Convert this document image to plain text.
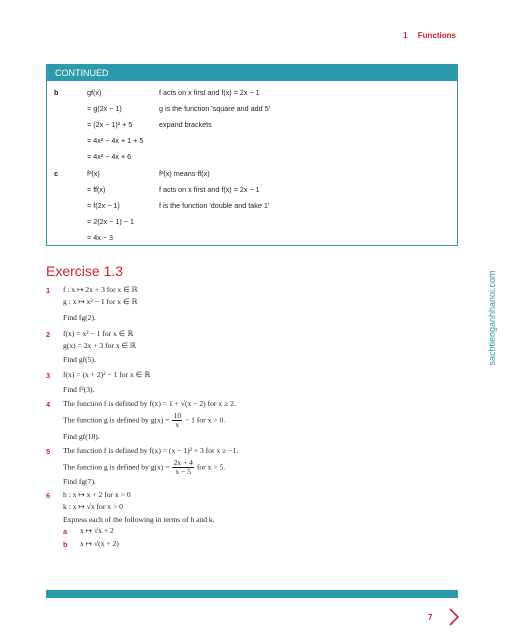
1 Functions
CONTINUED
b	gf(x)	f acts on x first and f(x) = 2x − 1
= g(2x − 1)	g is the function 'square and add 5'
= (2x − 1)² + 5	expand brackets
= 4x² − 4x + 1 + 5
= 4x² − 4x + 6
c	f²(x)	f²(x) means ff(x)
= ff(x)	f acts on x first and f(x) = 2x − 1
= f(2x − 1)	f is the function 'double and take 1'
= 2(2x − 1) − 1
= 4x − 3
Exercise 1.3
1 f : x ↦ 2x + 3 for x ∈ ℝ
g : x ↦ x² − 1 for x ∈ ℝ
Find fg(2).
2 f(x) = x² − 1 for x ∈ ℝ
g(x) = 2x + 3 for x ∈ ℝ
Find gf(5).
3 f(x) = (x + 2)² − 1 for x ∈ ℝ
Find f²(3).
4 The function f is defined by f(x) = 1 + √(x − 2) for x ≥ 2.
The function g is defined by $g(x) = \frac{10}{x} - 1$ for x > 0.
Find gf(18).
5 The function f is defined by f(x) = (x − 1)² + 3 for x ≥ −1.
The function g is defined by $g(x) = \frac{2x + 4}{x - 5}$ for x > 5.
Find fg(7).
6 h : x ↦ x + 2 for x > 0
k : x ↦ √x for x > 0
Express each of the following in terms of h and k.
a x ↦ √x + 2
b x ↦ √(x + 2)
sachtienganhhanoi.com
7
